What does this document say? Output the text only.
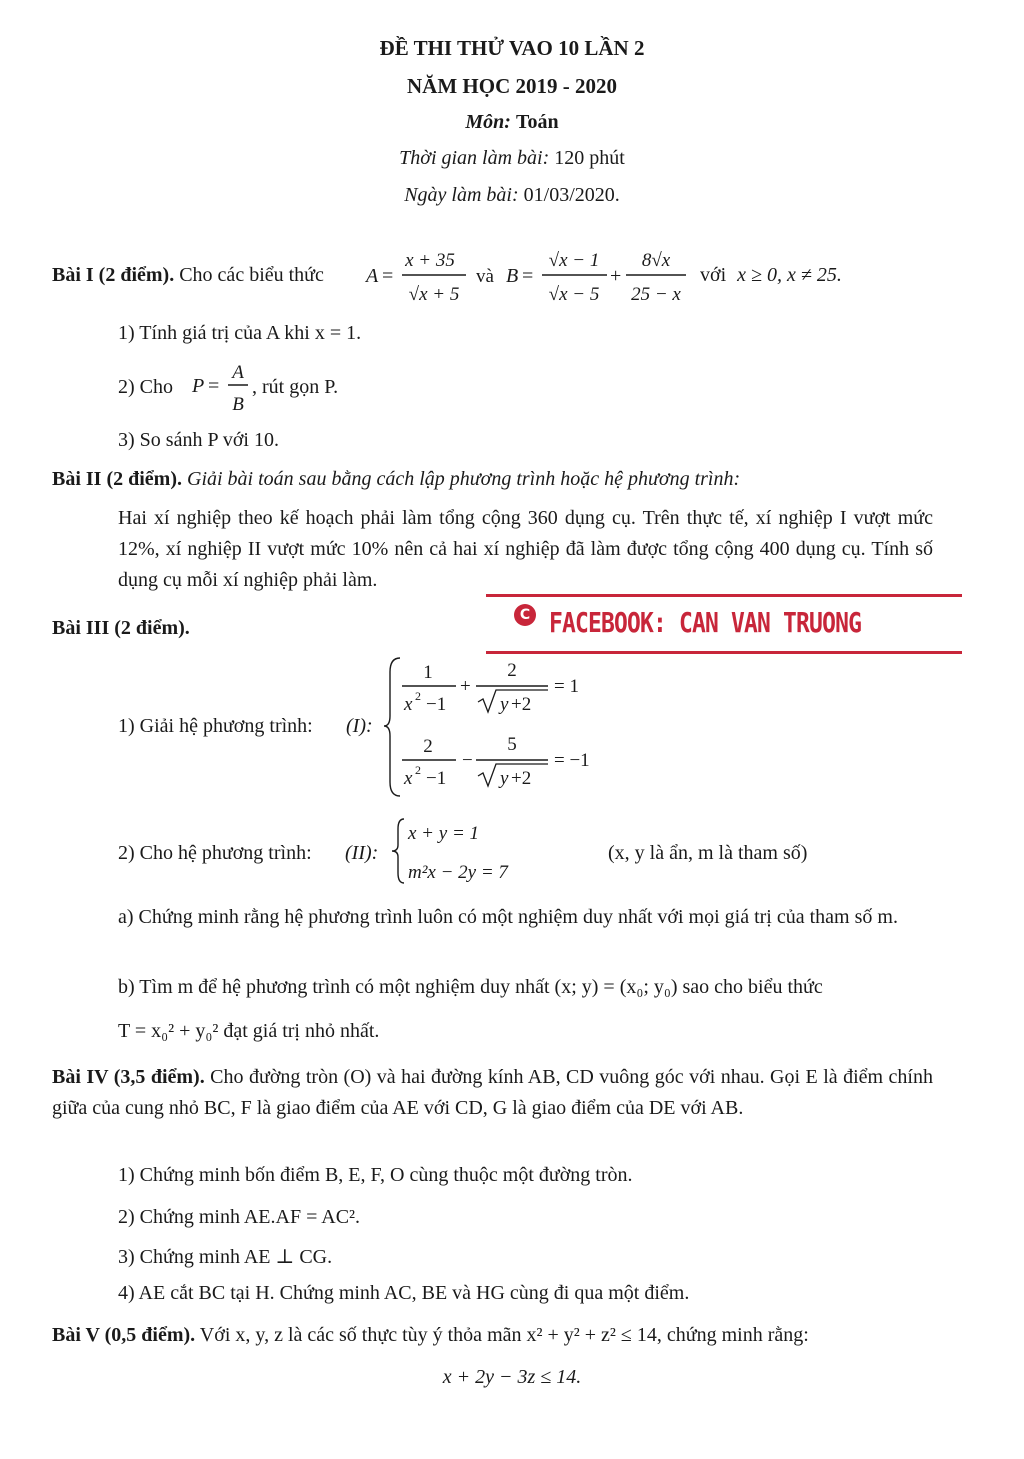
ĐỀ THI THỬ VAO 10 LẦN 2
NĂM HỌC 2019 - 2020
Môn: Toán
Thời gian làm bài: 120 phút
Ngày làm bài: 01/03/2020.
Bài I (2 điểm). Cho các biểu thức A =
x + 35
√x + 5
và B =
√x − 1
√x − 5
+
8√x
25 − x
với x ≥ 0, x ≠ 25.
1) Tính giá trị của A khi x = 1.
2) Cho P =
A
B
, rút gọn P.
3) So sánh P với 10.
Bài II (2 điểm). Giải bài toán sau bằng cách lập phương trình hoặc hệ phương trình:
Hai xí nghiệp theo kế hoạch phải làm tổng cộng 360 dụng cụ. Trên thực tế, xí nghiệp I vượt mức 12%, xí nghiệp II vượt mức 10% nên cả hai xí nghiệp đã làm được tổng cộng 400 dụng cụ. Tính số dụng cụ mỗi xí nghiệp phải làm.
C FACEBOOK: CAN VAN TRUONG
Bài III (2 điểm).
1) Giải hệ phương trình: (I):
1
x 2 −1
+
2
y +2
= 1
2
x 2 −1
−
5
y +2
= −1
2) Cho hệ phương trình: (II):
x + y = 1
m²x − 2y = 7
(x, y là ẩn, m là tham số)
a) Chứng minh rằng hệ phương trình luôn có một nghiệm duy nhất với mọi giá trị của tham số m.
b) Tìm m để hệ phương trình có một nghiệm duy nhất (x; y) = (x₀; y₀) sao cho biểu thức
T = x₀² + y₀² đạt giá trị nhỏ nhất.
Bài IV (3,5 điểm). Cho đường tròn (O) và hai đường kính AB, CD vuông góc với nhau. Gọi E là điểm chính giữa của cung nhỏ BC, F là giao điểm của AE với CD, G là giao điểm của DE với AB.
1) Chứng minh bốn điểm B, E, F, O cùng thuộc một đường tròn.
2) Chứng minh AE.AF = AC².
3) Chứng minh AE ⊥ CG.
4) AE cắt BC tại H. Chứng minh AC, BE và HG cùng đi qua một điểm.
Bài V (0,5 điểm). Với x, y, z là các số thực tùy ý thỏa mãn x² + y² + z² ≤ 14, chứng minh rằng:
x + 2y − 3z ≤ 14.
